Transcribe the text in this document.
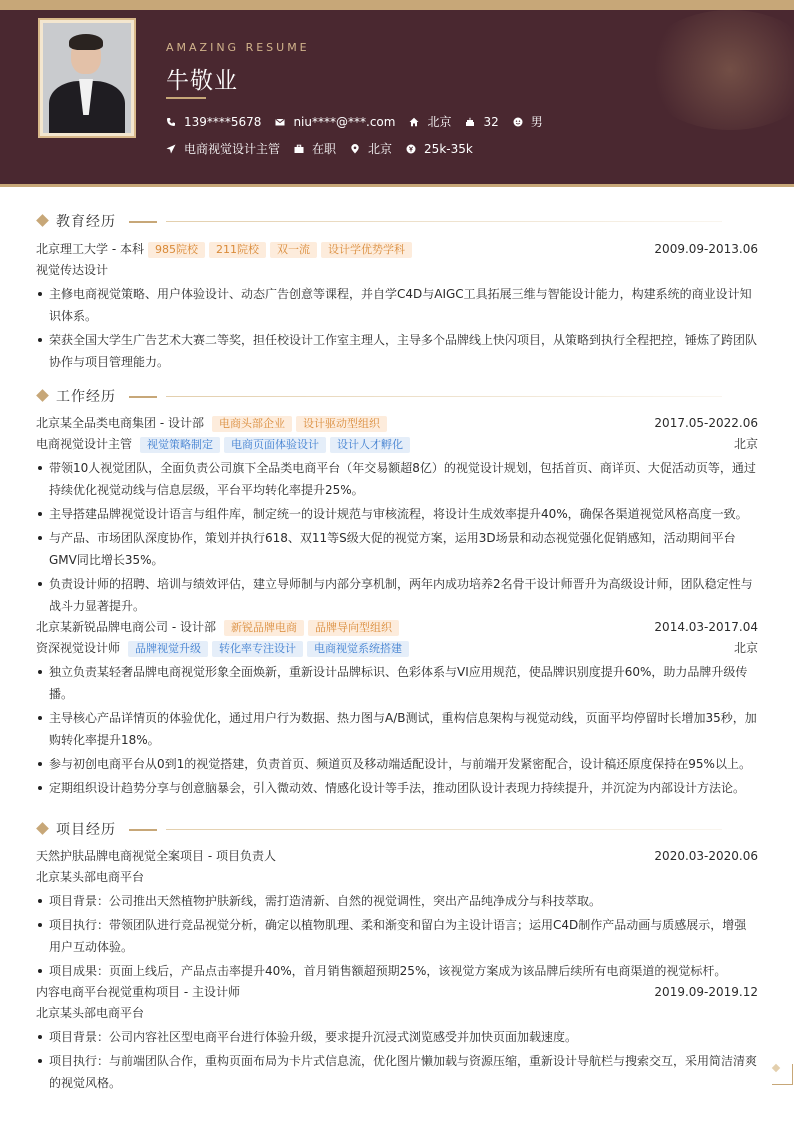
AMAZING RESUME
牛敬业
139****5678	niu****@***.com	北京	32	男
电商视觉设计主管	在职	北京	25k-35k
教育经历
北京理工大学 - 本科	985院校	211院校	双一流	设计学优势学科	2009.09-2013.06
视觉传达设计
主修电商视觉策略、用户体验设计、动态广告创意等课程，并自学C4D与AIGC工具拓展三维与智能设计能力，构建系统的商业设计知识体系。
荣获全国大学生广告艺术大赛二等奖，担任校设计工作室主理人，主导多个品牌线上快闪项目，从策略到执行全程把控，锤炼了跨团队协作与项目管理能力。
工作经历
北京某全品类电商集团 - 设计部	电商头部企业	设计驱动型组织	2017.05-2022.06
电商视觉设计主管	视觉策略制定	电商页面体验设计	设计人才孵化	北京
带领10人视觉团队，全面负责公司旗下全品类电商平台（年交易额超8亿）的视觉设计规划，包括首页、商详页、大促活动页等，通过持续优化视觉动线与信息层级，平台平均转化率提升25%。
主导搭建品牌视觉设计语言与组件库，制定统一的设计规范与审核流程，将设计生成效率提升40%，确保各渠道视觉风格高度一致。
与产品、市场团队深度协作，策划并执行618、双11等S级大促的视觉方案，运用3D场景和动态视觉强化促销感知，活动期间平台GMV同比增长35%。
负责设计师的招聘、培训与绩效评估，建立导师制与内部分享机制，两年内成功培养2名骨干设计师晋升为高级设计师，团队稳定性与战斗力显著提升。
北京某新锐品牌电商公司 - 设计部	新锐品牌电商	品牌导向型组织	2014.03-2017.04
资深视觉设计师	品牌视觉升级	转化率专注设计	电商视觉系统搭建	北京
独立负责某轻奢品牌电商视觉形象全面焕新，重新设计品牌标识、色彩体系与VI应用规范，使品牌识别度提升60%，助力品牌升级传播。
主导核心产品详情页的体验优化，通过用户行为数据、热力图与A/B测试，重构信息架构与视觉动线，页面平均停留时长增加35秒，加购转化率提升18%。
参与初创电商平台从0到1的视觉搭建，负责首页、频道页及移动端适配设计，与前端开发紧密配合，设计稿还原度保持在95%以上。
定期组织设计趋势分享与创意脑暴会，引入微动效、情感化设计等手法，推动团队设计表现力持续提升，并沉淀为内部设计方法论。
项目经历
天然护肤品牌电商视觉全案项目 - 项目负责人	2020.03-2020.06
北京某头部电商平台
项目背景：公司推出天然植物护肤新线，需打造清新、自然的视觉调性，突出产品纯净成分与科技萃取。
项目执行：带领团队进行竞品视觉分析，确定以植物肌理、柔和渐变和留白为主设计语言；运用C4D制作产品动画与质感展示，增强用户互动体验。
项目成果：页面上线后，产品点击率提升40%，首月销售额超预期25%，该视觉方案成为该品牌后续所有电商渠道的视觉标杆。
内容电商平台视觉重构项目 - 主设计师	2019.09-2019.12
北京某头部电商平台
项目背景：公司内容社区型电商平台进行体验升级，要求提升沉浸式浏览感受并加快页面加载速度。
项目执行：与前端团队合作，重构页面布局为卡片式信息流，优化图片懒加载与资源压缩，重新设计导航栏与搜索交互，采用简洁清爽的视觉风格。
